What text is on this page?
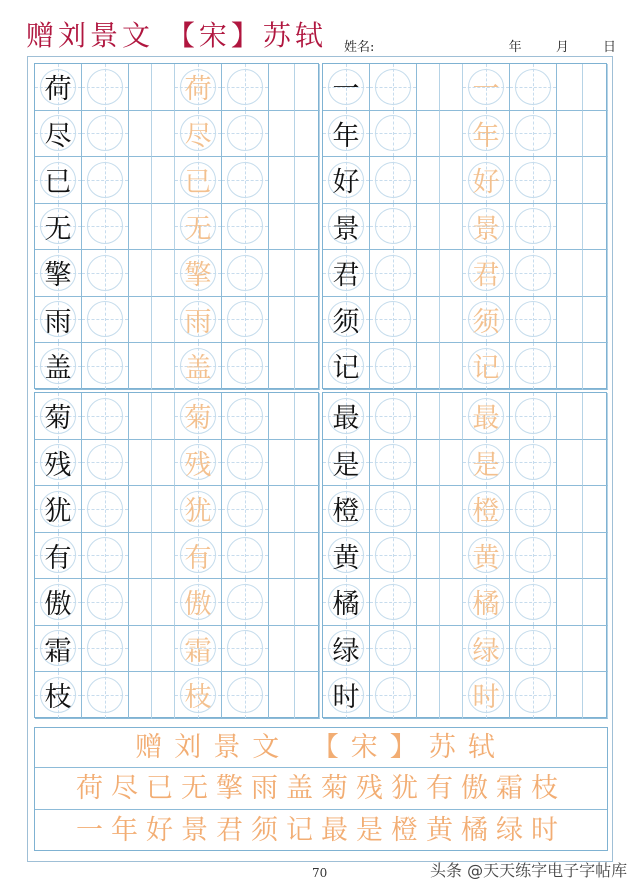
赠刘景文 【宋】苏轼 姓名:	年	月	日
荷	荷
尽	尽
已	已
无	无
擎	擎
雨	雨
盖	盖
一	一
年	年
好	好
景	景
君	君
须	须
记	记
菊	菊
残	残
犹	犹
有	有
傲	傲
霜	霜
枝	枝
最	最
是	是
橙	橙
黄	黄
橘	橘
绿	绿
时	时
赠刘景文 【宋】苏轼
荷尽已无擎雨盖菊残犹有傲霜枝
一年好景君须记最是橙黄橘绿时
70	头条 @天天练字电子字帖库
